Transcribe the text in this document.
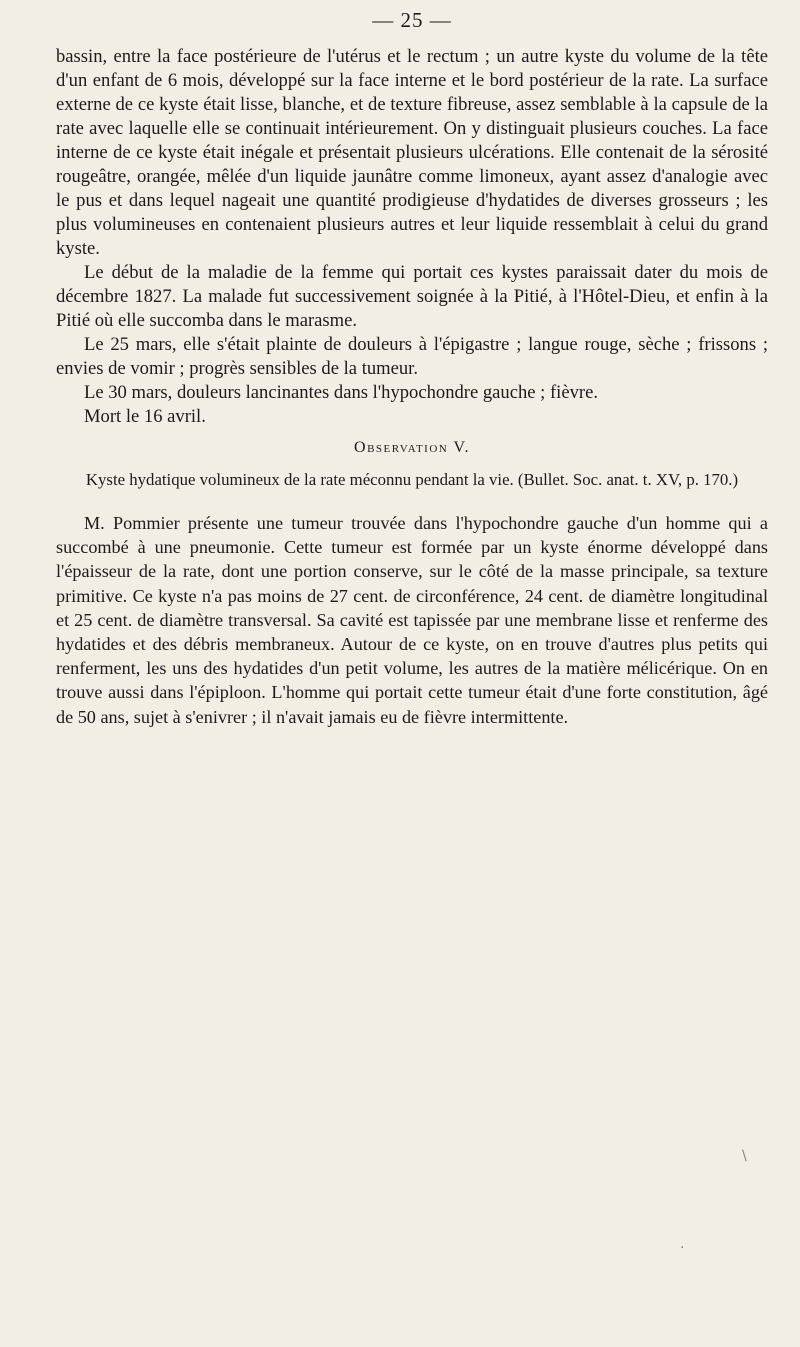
— 25 —

bassin, entre la face postérieure de l'utérus et le rectum ; un autre kyste du volume de la tête d'un enfant de 6 mois, développé sur la face interne et le bord postérieur de la rate. La surface externe de ce kyste était lisse, blanche, et de texture fibreuse, assez semblable à la capsule de la rate avec laquelle elle se continuait intérieurement. On y distinguait plusieurs couches. La face interne de ce kyste était inégale et présentait plusieurs ulcérations. Elle contenait de la sérosité rougeâtre, orangée, mêlée d'un liquide jaunâtre comme limoneux, ayant assez d'analogie avec le pus et dans lequel nageait une quantité prodigieuse d'hydatides de diverses grosseurs ; les plus volumineuses en contenaient plusieurs autres et leur liquide ressemblait à celui du grand kyste.

Le début de la maladie de la femme qui portait ces kystes paraissait dater du mois de décembre 1827. La malade fut successivement soignée à la Pitié, à l'Hôtel-Dieu, et enfin à la Pitié où elle succomba dans le marasme.

Le 25 mars, elle s'était plainte de douleurs à l'épigastre ; langue rouge, sèche ; frissons ; envies de vomir ; progrès sensibles de la tumeur.

Le 30 mars, douleurs lancinantes dans l'hypochondre gauche ; fièvre.

Mort le 16 avril.

Observation V.

Kyste hydatique volumineux de la rate méconnu pendant la vie. (Bullet. Soc. anat. t. XV, p. 170.)

M. Pommier présente une tumeur trouvée dans l'hypochondre gauche d'un homme qui a succombé à une pneumonie. Cette tumeur est formée par un kyste énorme développé dans l'épaisseur de la rate, dont une portion conserve, sur le côté de la masse principale, sa texture primitive. Ce kyste n'a pas moins de 27 cent. de circonférence, 24 cent. de diamètre longitudinal et 25 cent. de diamètre transversal. Sa cavité est tapissée par une membrane lisse et renferme des hydatides et des débris membraneux. Autour de ce kyste, on en trouve d'autres plus petits qui renferment, les uns des hydatides d'un petit volume, les autres de la matière mélicérique. On en trouve aussi dans l'épiploon. L'homme qui portait cette tumeur était d'une forte constitution, âgé de 50 ans, sujet à s'enivrer ; il n'avait jamais eu de fièvre intermittente.

\
·
